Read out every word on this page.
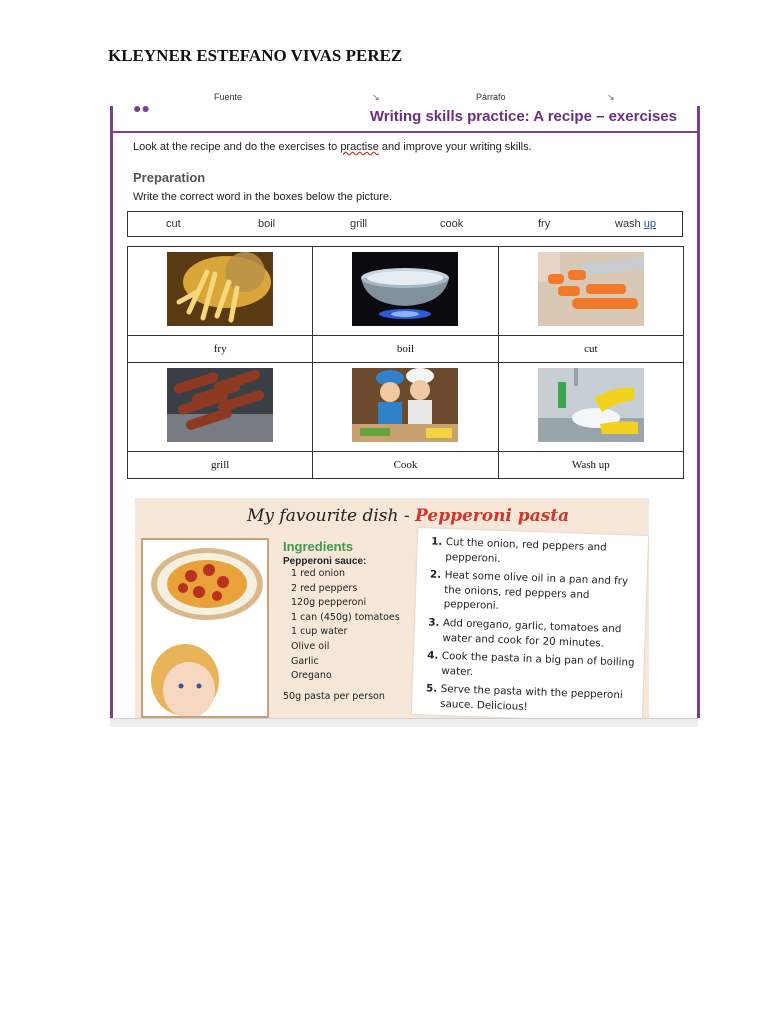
KLEYNER ESTEFANO VIVAS PEREZ
Fuente	↘	Párrafo	↘
●●	Writing skills practice: A recipe – exercises
Look at the recipe and do the exercises to practise and improve your writing skills.
Preparation
Write the correct word in the boxes below the picture.
cut	boil	grill	cook	fry	wash up

fry	boil	cut

grill	Cook	Wash up
My favourite dish - Pepperoni pasta
Ingredients
Pepperoni sauce:
1 red onion
2 red peppers
120g pepperoni
1 can (450g) tomatoes
1 cup water
Olive oil
Garlic
Oregano
50g pasta per person
1. Cut the onion, red peppers and pepperoni.
2. Heat some olive oil in a pan and fry the onions, red peppers and pepperoni.
3. Add oregano, garlic, tomatoes and water and cook for 20 minutes.
4. Cook the pasta in a big pan of boiling water.
5. Serve the pasta with the pepperoni sauce. Delicious!
